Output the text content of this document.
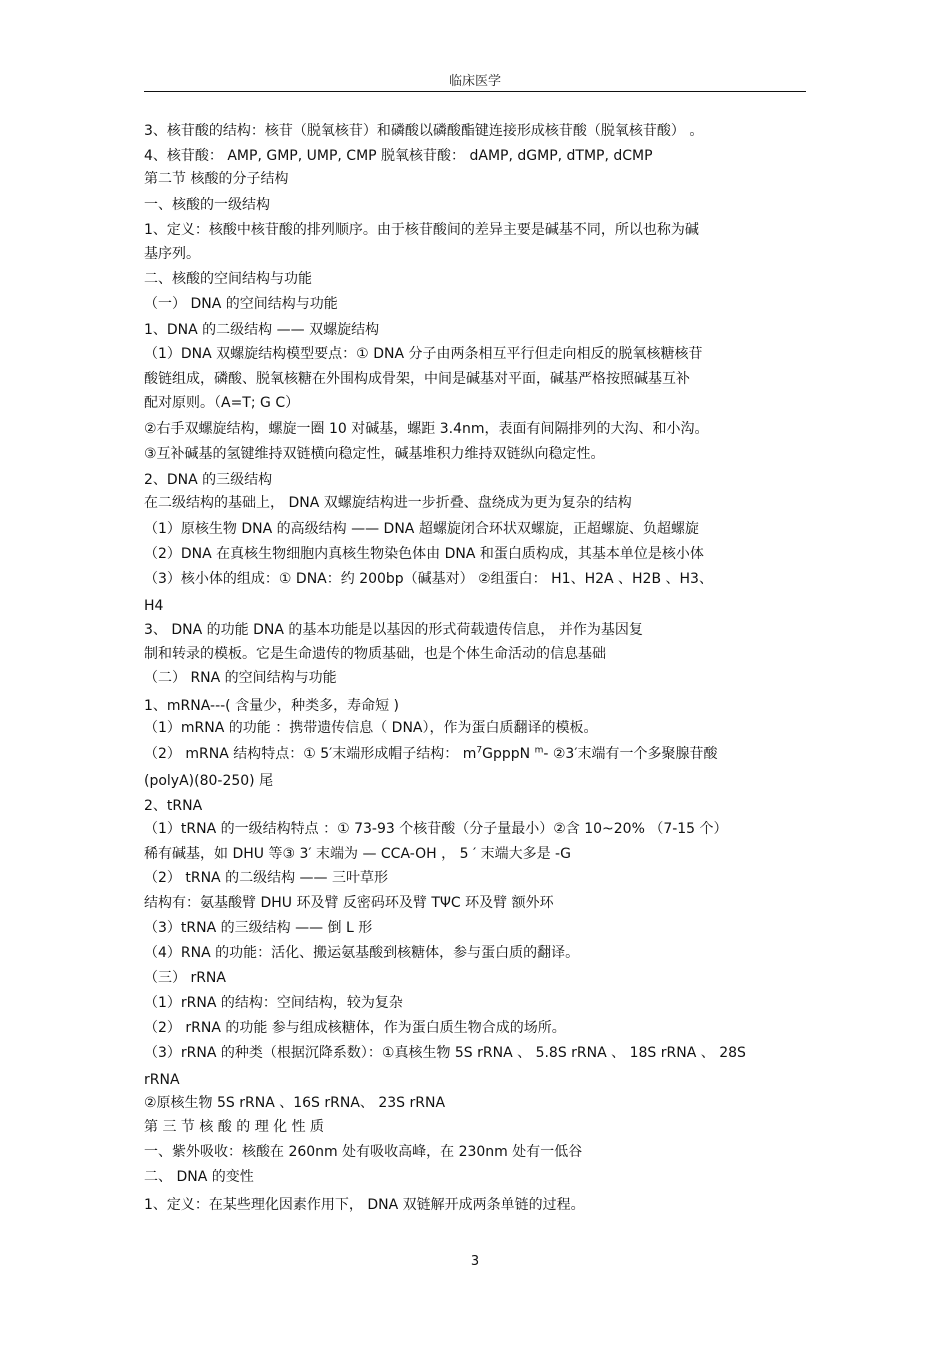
临床医学
3、核苷酸的结构：核苷（脱氧核苷）和磷酸以磷酸酯键连接形成核苷酸（脱氧核苷酸） 。
4、核苷酸： AMP, GMP, UMP, CMP 脱氧核苷酸： dAMP, dGMP, dTMP, dCMP
第二节 核酸的分子结构
一、核酸的一级结构
1、定义：核酸中核苷酸的排列顺序。由于核苷酸间的差异主要是碱基不同，所以也称为碱
基序列。
二、核酸的空间结构与功能
（一） DNA 的空间结构与功能
1、DNA 的二级结构 —— 双螺旋结构
（1）DNA 双螺旋结构模型要点：① DNA 分子由两条相互平行但走向相反的脱氧核糖核苷
酸链组成，磷酸、脱氧核糖在外围构成骨架，中间是碱基对平面，碱基严格按照碱基互补
配对原则。（A=T; G C）
②右手双螺旋结构，螺旋一圈 10 对碱基，螺距 3.4nm，表面有间隔排列的大沟、和小沟。
③互补碱基的氢键维持双链横向稳定性，碱基堆积力维持双链纵向稳定性。
2、DNA 的三级结构
在二级结构的基础上， DNA 双螺旋结构进一步折叠、盘绕成为更为复杂的结构
（1）原核生物 DNA 的高级结构 —— DNA 超螺旋闭合环状双螺旋，正超螺旋、负超螺旋
（2）DNA 在真核生物细胞内真核生物染色体由 DNA 和蛋白质构成，其基本单位是核小体
（3）核小体的组成：① DNA：约 200bp（碱基对） ②组蛋白： H1、H2A 、H2B 、H3、
H4
3、 DNA 的功能 DNA 的基本功能是以基因的形式荷载遗传信息， 并作为基因复
制和转录的模板。它是生命遗传的物质基础，也是个体生命活动的信息基础
（二） RNA 的空间结构与功能
1、mRNA---( 含量少，种类多，寿命短 )
（1）mRNA 的功能 ：携带遗传信息（ DNA），作为蛋白质翻译的模板。
（2） mRNA 结构特点：① 5′末端形成帽子结构： $m^7GpppN$ $^m$- ②3′末端有一个多聚腺苷酸
(polyA)(80-250) 尾
2、tRNA
（1）tRNA 的一级结构特点 ：① 73-93 个核苷酸（分子量最小）②含 10~20% （7-15 个）
稀有碱基，如 DHU 等③ 3′ 末端为 — CCA-OH ， 5 ′ 末端大多是 -G
（2） tRNA 的二级结构 —— 三叶草形
结构有：氨基酸臂 DHU 环及臂 反密码环及臂 TΨC 环及臂 额外环
（3）tRNA 的三级结构 —— 倒 L 形
（4）RNA 的功能：活化、搬运氨基酸到核糖体，参与蛋白质的翻译。
（三） rRNA
（1）rRNA 的结构：空间结构，较为复杂
（2） rRNA 的功能 参与组成核糖体，作为蛋白质生物合成的场所。
（3）rRNA 的种类（根据沉降系数）：①真核生物 5S rRNA 、 5.8S rRNA 、 18S rRNA 、 28S
rRNA
②原核生物 5S rRNA 、16S rRNA、 23S rRNA
第 三 节 核 酸 的 理 化 性 质
一、紫外吸收：核酸在 260nm 处有吸收高峰，在 230nm 处有一低谷
二、 DNA 的变性
1、定义：在某些理化因素作用下， DNA 双链解开成两条单链的过程。
3
